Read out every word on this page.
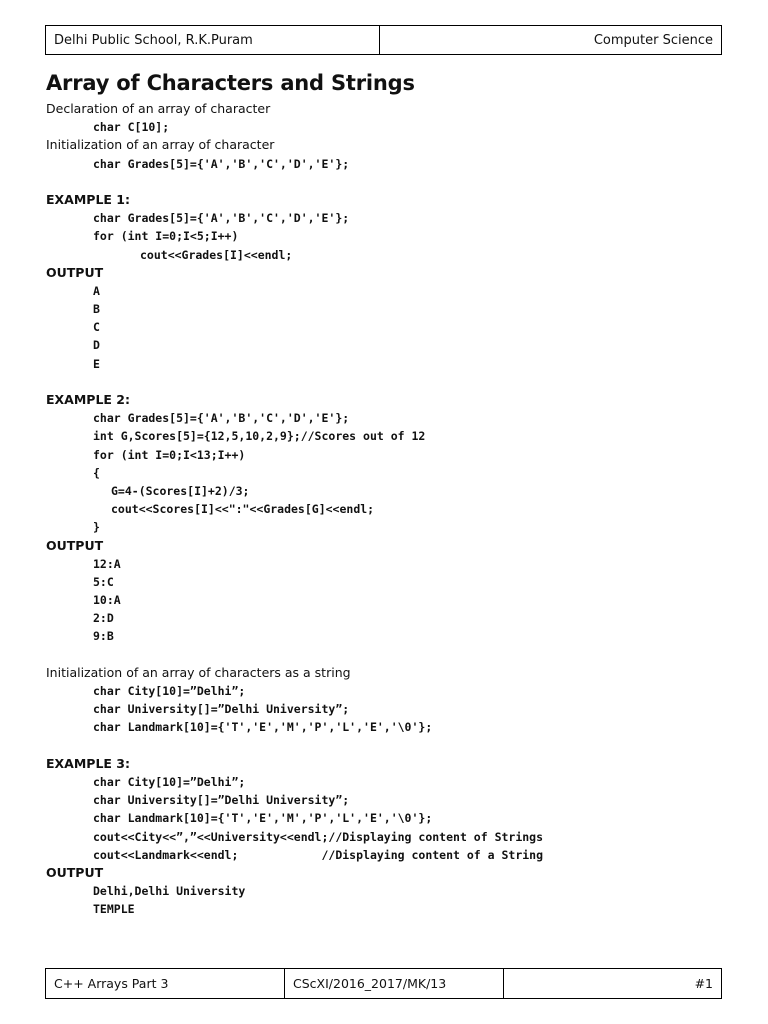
Delhi Public School, R.K.Puram	Computer Science
Array of Characters and Strings
Declaration of an array of character
char C[10];
Initialization of an array of character
char Grades[5]={'A','B','C','D','E'};
EXAMPLE 1:
char Grades[5]={'A','B','C','D','E'};
for (int I=0;I<5;I++)
cout<<Grades[I]<<endl;
OUTPUT
A
B
C
D
E
EXAMPLE 2:
char Grades[5]={'A','B','C','D','E'};
int G,Scores[5]={12,5,10,2,9};//Scores out of 12
for (int I=0;I<13;I++)
{
G=4-(Scores[I]+2)/3;
cout<<Scores[I]<<":"<<Grades[G]<<endl;
}
OUTPUT
12:A
5:C
10:A
2:D
9:B
Initialization of an array of characters as a string
char City[10]=”Delhi”;
char University[]=”Delhi University”;
char Landmark[10]={'T','E','M','P','L','E','\0'};
EXAMPLE 3:
char City[10]=”Delhi”;
char University[]=”Delhi University”;
char Landmark[10]={'T','E','M','P','L','E','\0'};
cout<<City<<”,”<<University<<endl;//Displaying content of Strings
cout<<Landmark<<endl;            //Displaying content of a String
OUTPUT
Delhi,Delhi University
TEMPLE
C++ Arrays Part 3	CScXI/2016_2017/MK/13	#1
